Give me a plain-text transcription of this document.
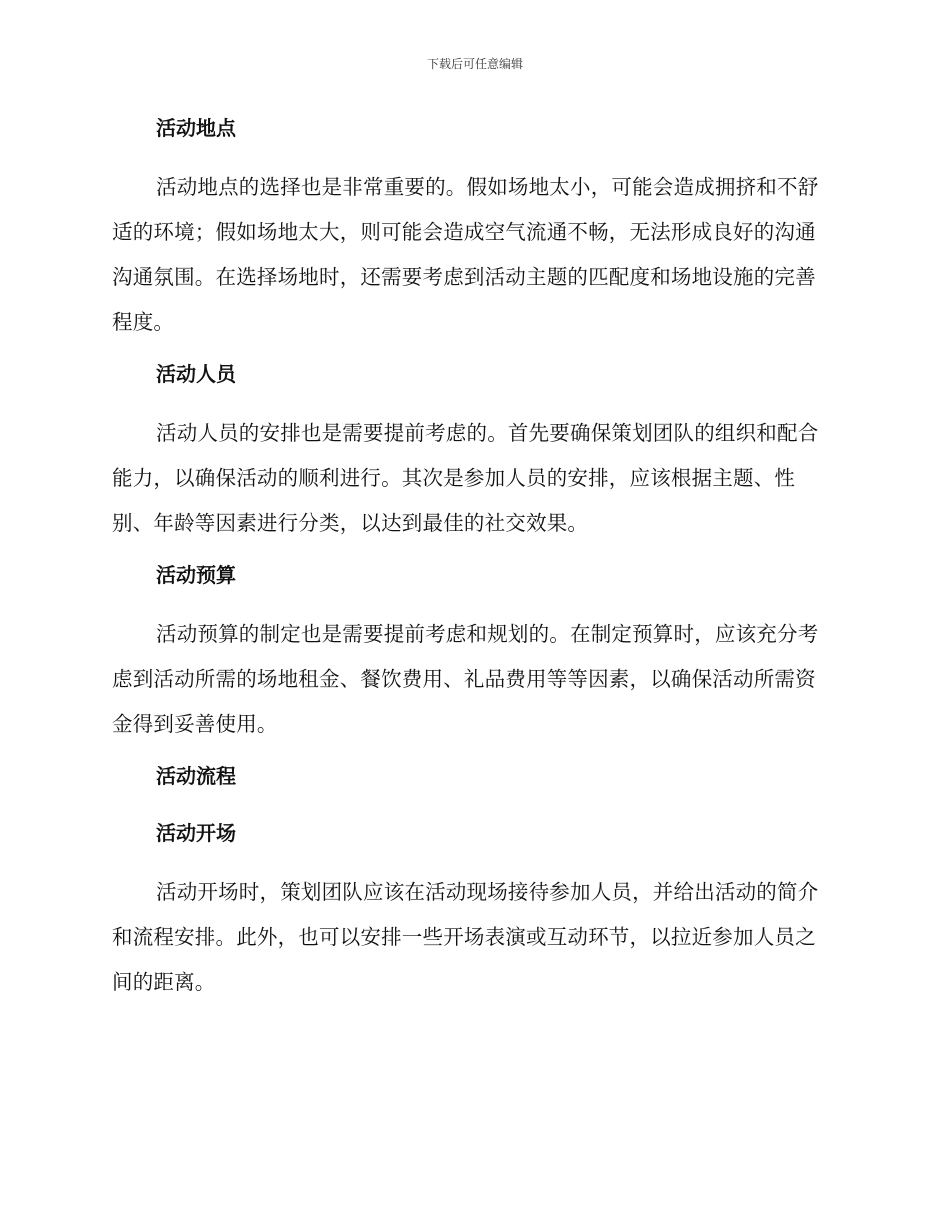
下载后可任意编辑
活动地点

活动地点的选择也是非常重要的。假如场地太小，可能会造成拥挤和不舒适的环境；假如场地太大，则可能会造成空气流通不畅，无法形成良好的沟通沟通氛围。在选择场地时，还需要考虑到活动主题的匹配度和场地设施的完善程度。

活动人员

活动人员的安排也是需要提前考虑的。首先要确保策划团队的组织和配合能力，以确保活动的顺利进行。其次是参加人员的安排，应该根据主题、性别、年龄等因素进行分类，以达到最佳的社交效果。

活动预算

活动预算的制定也是需要提前考虑和规划的。在制定预算时，应该充分考虑到活动所需的场地租金、餐饮费用、礼品费用等等因素，以确保活动所需资金得到妥善使用。

活动流程
活动开场

活动开场时，策划团队应该在活动现场接待参加人员，并给出活动的简介和流程安排。此外，也可以安排一些开场表演或互动环节，以拉近参加人员之间的距离。
